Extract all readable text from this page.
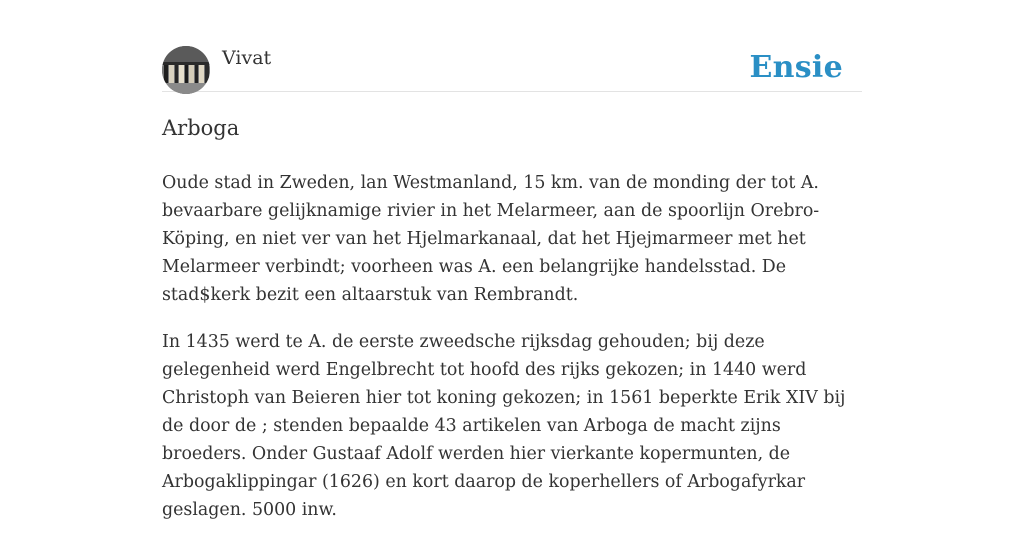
Vivat	Ensie
Arboga

Oude stad in Zweden, lan Westmanland, 15 km. van de monding der tot A. bevaarbare gelijknamige rivier in het Melarmeer, aan de spoorlijn Orebro-Köping, en niet ver van het Hjelmarkanaal, dat het Hjejmarmeer met het Melarmeer verbindt; voorheen was A. een belangrijke handelsstad. De stad$kerk bezit een altaarstuk van Rembrandt.

In 1435 werd te A. de eerste zweedsche rijksdag gehouden; bij deze gelegenheid werd Engelbrecht tot hoofd des rijks gekozen; in 1440 werd Christoph van Beieren hier tot koning gekozen; in 1561 beperkte Erik XIV bij de door de ; stenden bepaalde 43 artikelen van Arboga de macht zijns broeders. Onder Gustaaf Adolf werden hier vierkante kopermunten, de Arbogaklippingar (1626) en kort daarop de koperhellers of Arbogafyrkar geslagen. 5000 inw.
